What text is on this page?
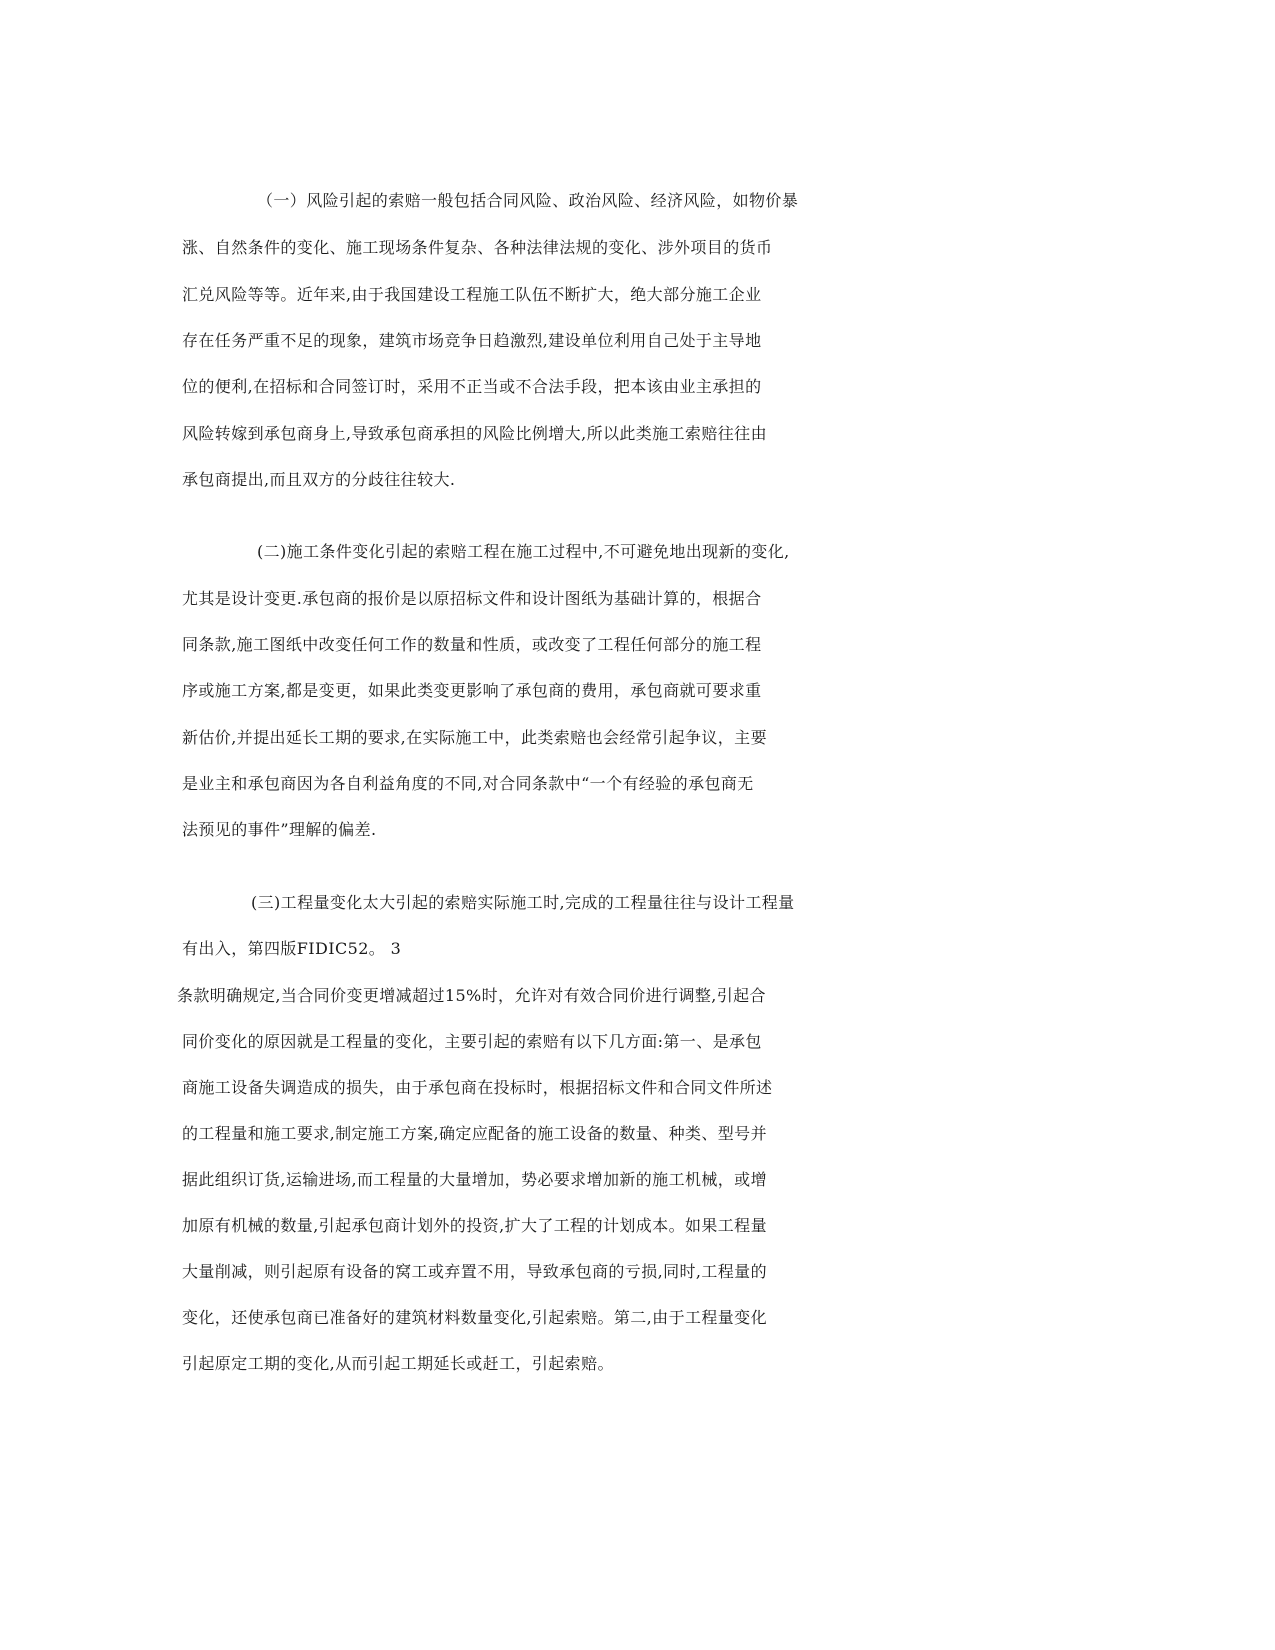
（一）风险引起的索赔一般包括合同风险、政治风险、经济风险，如物价暴
涨、自然条件的变化、施工现场条件复杂、各种法律法规的变化、涉外项目的货币
汇兑风险等等。近年来,由于我国建设工程施工队伍不断扩大，绝大部分施工企业
存在任务严重不足的现象，建筑市场竞争日趋激烈,建设单位利用自己处于主导地
位的便利,在招标和合同签订时，采用不正当或不合法手段，把本该由业主承担的
风险转嫁到承包商身上,导致承包商承担的风险比例增大,所以此类施工索赔往往由
承包商提出,而且双方的分歧往往较大.
(二)施工条件变化引起的索赔工程在施工过程中,不可避免地出现新的变化,
尤其是设计变更.承包商的报价是以原招标文件和设计图纸为基础计算的，根据合
同条款,施工图纸中改变任何工作的数量和性质，或改变了工程任何部分的施工程
序或施工方案,都是变更，如果此类变更影响了承包商的费用，承包商就可要求重
新估价,并提出延长工期的要求,在实际施工中，此类索赔也会经常引起争议，主要
是业主和承包商因为各自利益角度的不同,对合同条款中“一个有经验的承包商无
法预见的事件”理解的偏差.
(三)工程量变化太大引起的索赔实际施工时,完成的工程量往往与设计工程量
有出入，第四版FIDIC52。 3
条款明确规定,当合同价变更增减超过15%时，允许对有效合同价进行调整,引起合
同价变化的原因就是工程量的变化，主要引起的索赔有以下几方面:第一、是承包
商施工设备失调造成的损失，由于承包商在投标时，根据招标文件和合同文件所述
的工程量和施工要求,制定施工方案,确定应配备的施工设备的数量、种类、型号并
据此组织订货,运输进场,而工程量的大量增加，势必要求增加新的施工机械，或增
加原有机械的数量,引起承包商计划外的投资,扩大了工程的计划成本。如果工程量
大量削减，则引起原有设备的窝工或弃置不用，导致承包商的亏损,同时,工程量的
变化，还使承包商已准备好的建筑材料数量变化,引起索赔。第二,由于工程量变化
引起原定工期的变化,从而引起工期延长或赶工，引起索赔。
